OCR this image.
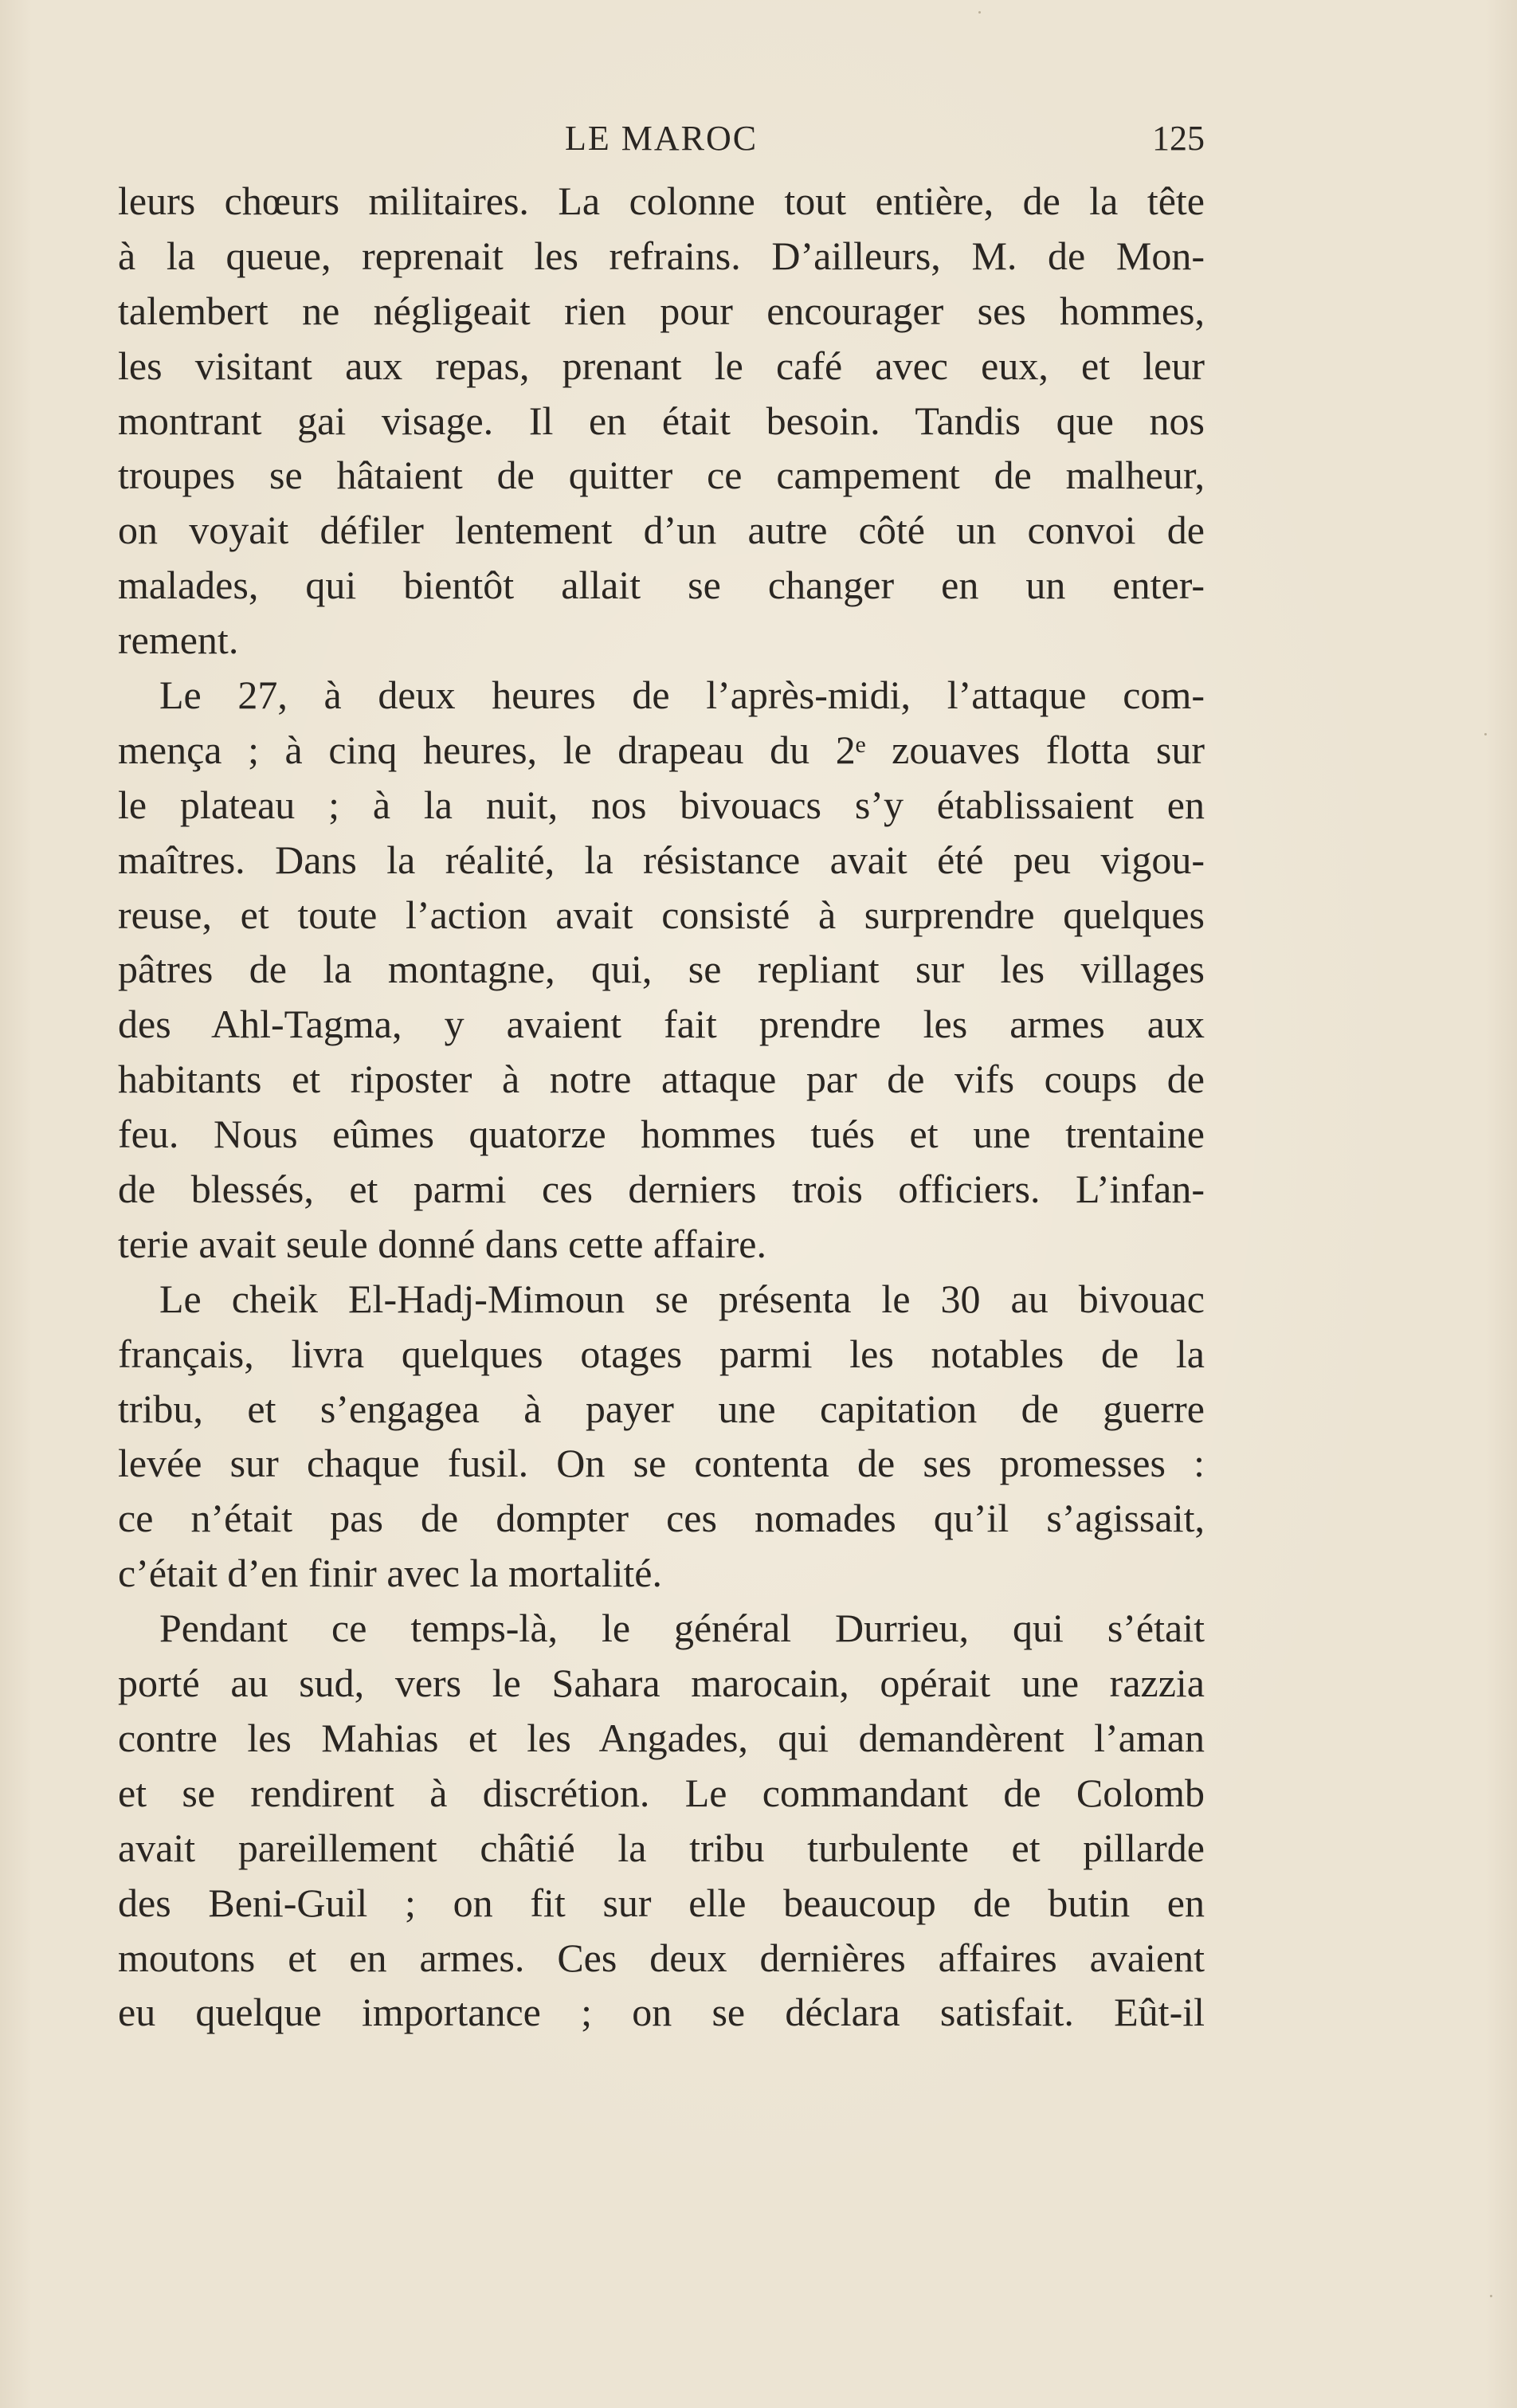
LE MAROC	125
leurs chœurs militaires. La colonne tout entière, de la tête
à la queue, reprenait les refrains. D’ailleurs, M. de Mon-
talembert ne négligeait rien pour encourager ses hommes,
les visitant aux repas, prenant le café avec eux, et leur
montrant gai visage. Il en était besoin. Tandis que nos
troupes se hâtaient de quitter ce campement de malheur,
on voyait défiler lentement d’un autre côté un convoi de
malades, qui bientôt allait se changer en un enter-
rement.
Le 27, à deux heures de l’après-midi, l’attaque com-
mença ; à cinq heures, le drapeau du 2ᵉ zouaves flotta sur
le plateau ; à la nuit, nos bivouacs s’y établissaient en
maîtres. Dans la réalité, la résistance avait été peu vigou-
reuse, et toute l’action avait consisté à surprendre quelques
pâtres de la montagne, qui, se repliant sur les villages
des Ahl-Tagma, y avaient fait prendre les armes aux
habitants et riposter à notre attaque par de vifs coups de
feu. Nous eûmes quatorze hommes tués et une trentaine
de blessés, et parmi ces derniers trois officiers. L’infan-
terie avait seule donné dans cette affaire.
Le cheik El-Hadj-Mimoun se présenta le 30 au bivouac
français, livra quelques otages parmi les notables de la
tribu, et s’engagea à payer une capitation de guerre
levée sur chaque fusil. On se contenta de ses promesses :
ce n’était pas de dompter ces nomades qu’il s’agissait,
c’était d’en finir avec la mortalité.
Pendant ce temps-là, le général Durrieu, qui s’était
porté au sud, vers le Sahara marocain, opérait une razzia
contre les Mahias et les Angades, qui demandèrent l’aman
et se rendirent à discrétion. Le commandant de Colomb
avait pareillement châtié la tribu turbulente et pillarde
des Beni-Guil ; on fit sur elle beaucoup de butin en
moutons et en armes. Ces deux dernières affaires avaient
eu quelque importance ; on se déclara satisfait. Eût-il
